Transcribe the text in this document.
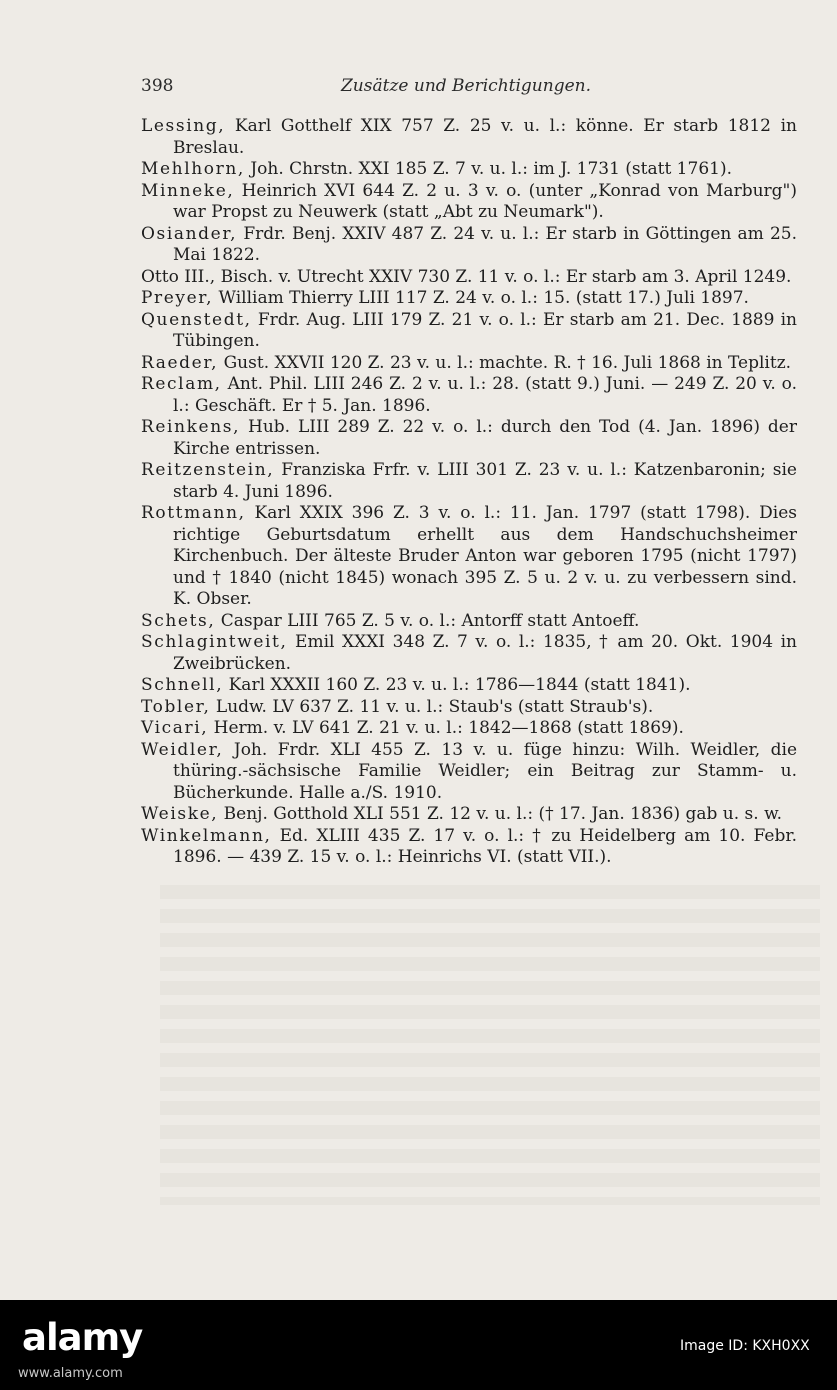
398	Zusätze und Berichtigungen.

Lessing, Karl Gotthelf XIX 757 Z. 25 v. u. l.: könne. Er starb 1812 in Breslau.

Mehlhorn, Joh. Chrstn. XXI 185 Z. 7 v. u. l.: im J. 1731 (statt 1761).

Minneke, Heinrich XVI 644 Z. 2 u. 3 v. o. (unter „Konrad von Marburg") war Propst zu Neuwerk (statt „Abt zu Neumark").

Osiander, Frdr. Benj. XXIV 487 Z. 24 v. u. l.: Er starb in Göttingen am 25. Mai 1822.

Otto III., Bisch. v. Utrecht XXIV 730 Z. 11 v. o. l.: Er starb am 3. April 1249.

Preyer, William Thierry LIII 117 Z. 24 v. o. l.: 15. (statt 17.) Juli 1897.

Quenstedt, Frdr. Aug. LIII 179 Z. 21 v. o. l.: Er starb am 21. Dec. 1889 in Tübingen.

Raeder, Gust. XXVII 120 Z. 23 v. u. l.: machte. R. † 16. Juli 1868 in Teplitz.

Reclam, Ant. Phil. LIII 246 Z. 2 v. u. l.: 28. (statt 9.) Juni. — 249 Z. 20 v. o. l.: Geschäft. Er † 5. Jan. 1896.

Reinkens, Hub. LIII 289 Z. 22 v. o. l.: durch den Tod (4. Jan. 1896) der Kirche entrissen.

Reitzenstein, Franziska Frfr. v. LIII 301 Z. 23 v. u. l.: Katzenbaronin; sie starb 4. Juni 1896.

Rottmann, Karl XXIX 396 Z. 3 v. o. l.: 11. Jan. 1797 (statt 1798). Dies richtige Geburtsdatum erhellt aus dem Handschuchsheimer Kirchenbuch. Der älteste Bruder Anton war geboren 1795 (nicht 1797) und † 1840 (nicht 1845) wonach 395 Z. 5 u. 2 v. u. zu verbessern sind. K. Obser.

Schets, Caspar LIII 765 Z. 5 v. o. l.: Antorff statt Antoeff.

Schlagintweit, Emil XXXI 348 Z. 7 v. o. l.: 1835, † am 20. Okt. 1904 in Zweibrücken.

Schnell, Karl XXXII 160 Z. 23 v. u. l.: 1786—1844 (statt 1841).

Tobler, Ludw. LV 637 Z. 11 v. u. l.: Staub's (statt Straub's).

Vicari, Herm. v. LV 641 Z. 21 v. u. l.: 1842—1868 (statt 1869).

Weidler, Joh. Frdr. XLI 455 Z. 13 v. u. füge hinzu: Wilh. Weidler, die thüring.-sächsische Familie Weidler; ein Beitrag zur Stamm- u. Bücherkunde. Halle a./S. 1910.

Weiske, Benj. Gotthold XLI 551 Z. 12 v. u. l.: († 17. Jan. 1836) gab u. s. w.

Winkelmann, Ed. XLIII 435 Z. 17 v. o. l.: † zu Heidelberg am 10. Febr. 1896. — 439 Z. 15 v. o. l.: Heinrichs VI. (statt VII.).

alamy	Image ID: KXH0XX
www.alamy.com
